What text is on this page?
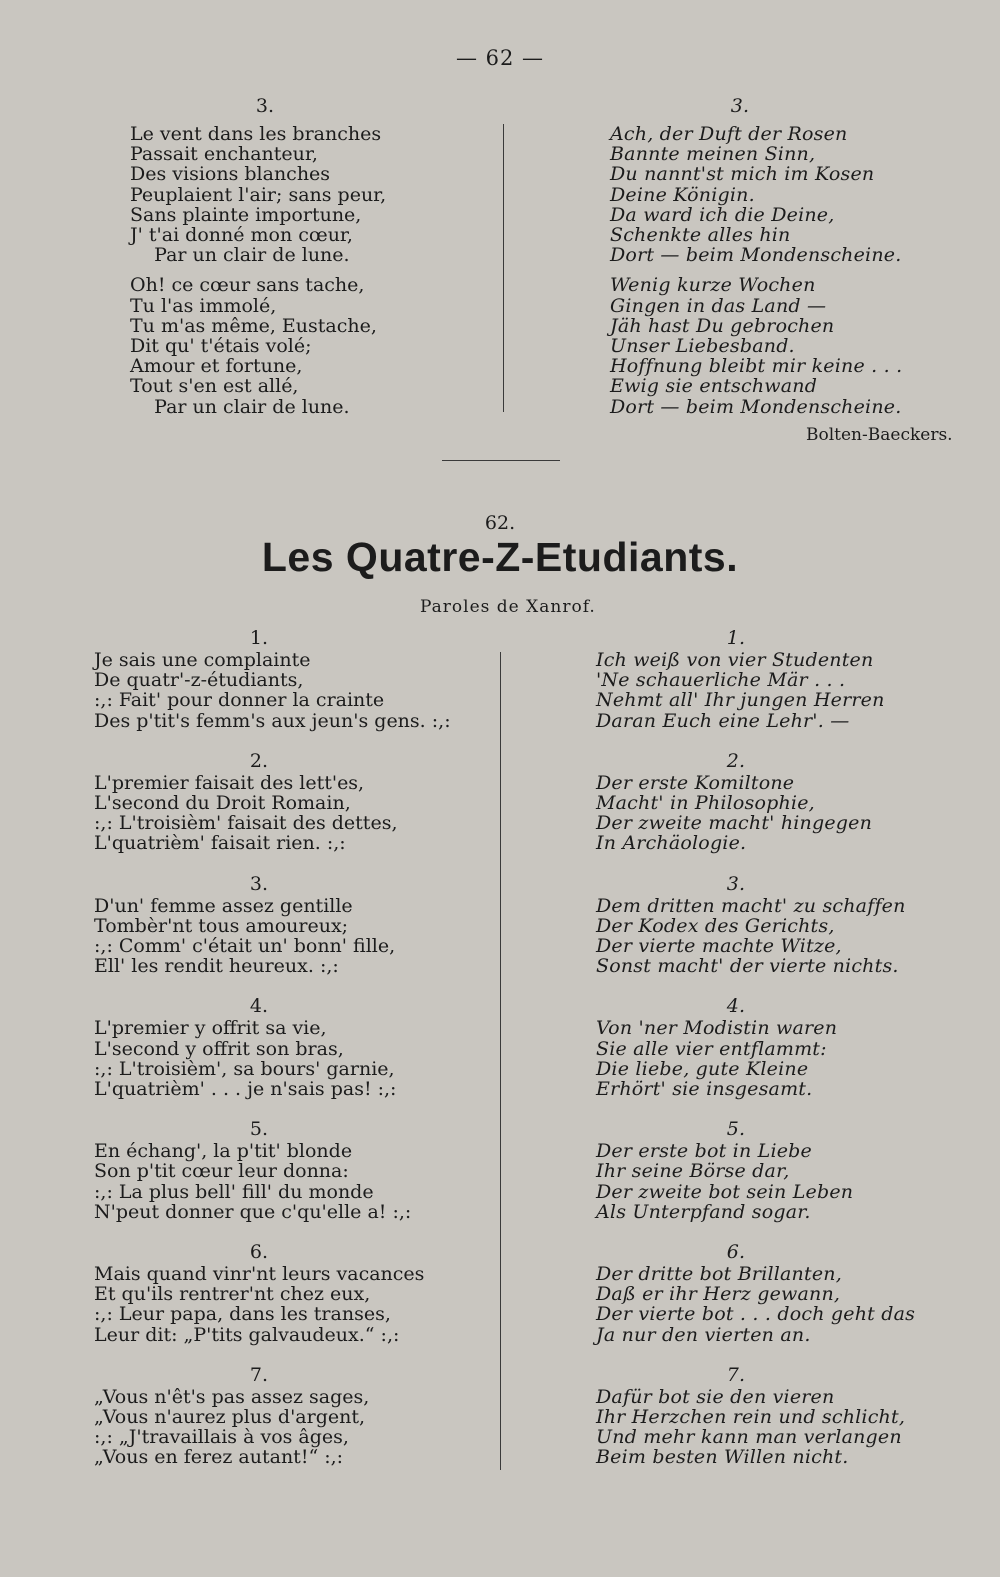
— 62 —

3.

Le vent dans les branches
Passait enchanteur,
Des visions blanches
Peuplaient l'air; sans peur,
Sans plainte importune,
J' t'ai donné mon cœur,
Par un clair de lune.
Oh! ce cœur sans tache,
Tu l'as immolé,
Tu m'as même, Eustache,
Dit qu' t'étais volé;
Amour et fortune,
Tout s'en est allé,
Par un clair de lune.

3.

Ach, der Duft der Rosen
Bannte meinen Sinn,
Du nannt'st mich im Kosen
Deine Königin.
Da ward ich die Deine,
Schenkte alles hin
Dort — beim Mondenscheine.
Wenig kurze Wochen
Gingen in das Land —
Jäh hast Du gebrochen
Unser Liebesband.
Hoffnung bleibt mir keine . . .
Ewig sie entschwand
Dort — beim Mondenscheine.
Bolten-Baeckers.
62.
Les Quatre-Z-Etudiants.
Paroles de Xanrof.

1.

Je sais une complainte
De quatr'-z-étudiants,
:,: Fait' pour donner la crainte
Des p'tit's femm's aux jeun's gens. :,:

2.

L'premier faisait des lett'es,
L'second du Droit Romain,
:,: L'troisièm' faisait des dettes,
L'quatrièm' faisait rien. :,:

3.

D'un' femme assez gentille
Tombèr'nt tous amoureux;
:,: Comm' c'était un' bonn' fille,
Ell' les rendit heureux. :,:

4.

L'premier y offrit sa vie,
L'second y offrit son bras,
:,: L'troisièm', sa bours' garnie,
L'quatrièm' . . . je n'sais pas! :,:

5.

En échang', la p'tit' blonde
Son p'tit cœur leur donna:
:,: La plus bell' fill' du monde
N'peut donner que c'qu'elle a! :,:

6.

Mais quand vinr'nt leurs vacances
Et qu'ils rentrer'nt chez eux,
:,: Leur papa, dans les transes,
Leur dit: „P'tits galvaudeux.“ :,:

7.

„Vous n'êt's pas assez sages,
„Vous n'aurez plus d'argent,
:,: „J'travaillais à vos âges,
„Vous en ferez autant!“ :,:

1.

Ich weiß von vier Studenten
'Ne schauerliche Mär . . .
Nehmt all' Ihr jungen Herren
Daran Euch eine Lehr'. —

2.

Der erste Komiltone
Macht' in Philosophie,
Der zweite macht' hingegen
In Archäologie.

3.

Dem dritten macht' zu schaffen
Der Kodex des Gerichts,
Der vierte machte Witze,
Sonst macht' der vierte nichts.

4.

Von 'ner Modistin waren
Sie alle vier entflammt:
Die liebe, gute Kleine
Erhört' sie insgesamt.

5.

Der erste bot in Liebe
Ihr seine Börse dar,
Der zweite bot sein Leben
Als Unterpfand sogar.

6.

Der dritte bot Brillanten,
Daß er ihr Herz gewann,
Der vierte bot . . . doch geht das
Ja nur den vierten an.

7.

Dafür bot sie den vieren
Ihr Herzchen rein und schlicht,
Und mehr kann man verlangen
Beim besten Willen nicht.
